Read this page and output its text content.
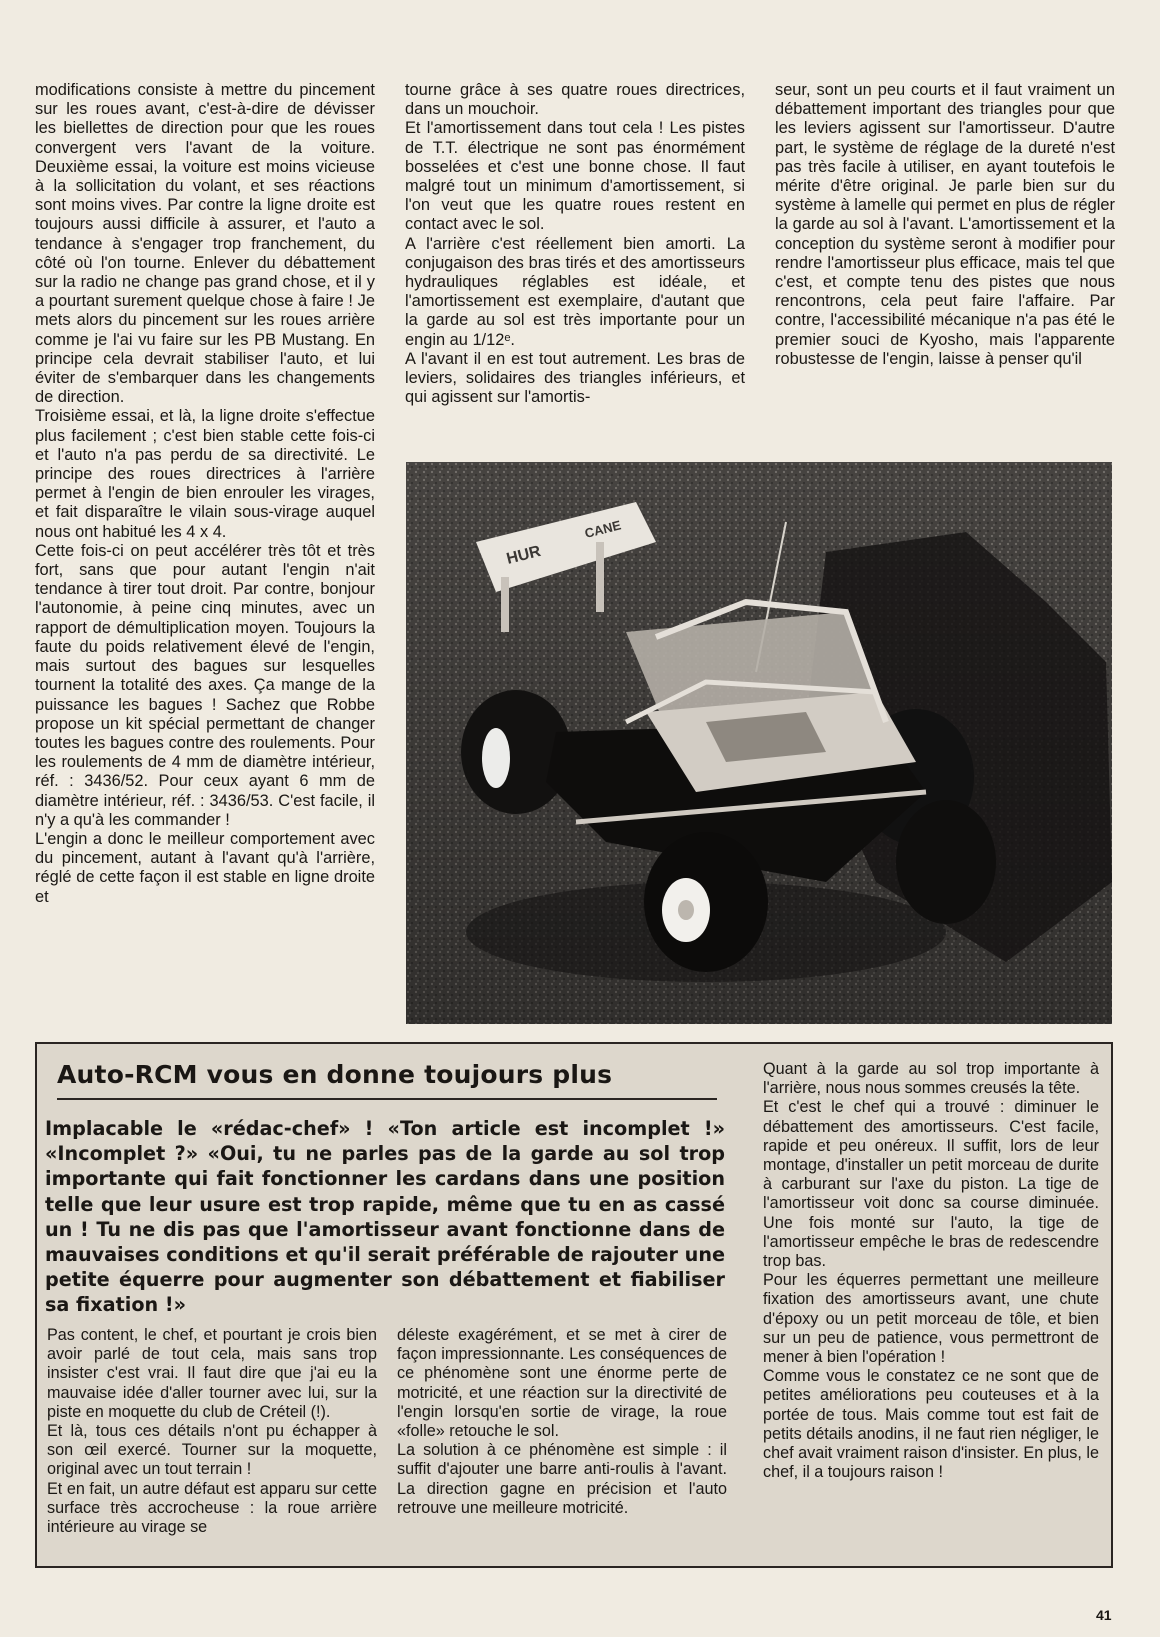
modifications consiste à mettre du pincement sur les roues avant, c'est-à-dire de dévisser les biellettes de direction pour que les roues convergent vers l'avant de la voiture. Deuxième essai, la voiture est moins vicieuse à la sollicitation du volant, et ses réactions sont moins vives. Par contre la ligne droite est toujours aussi difficile à assurer, et l'auto a tendance à s'engager trop franchement, du côté où l'on tourne. Enlever du débattement sur la radio ne change pas grand chose, et il y a pourtant surement quelque chose à faire ! Je mets alors du pincement sur les roues arrière comme je l'ai vu faire sur les PB Mustang. En principe cela devrait stabiliser l'auto, et lui éviter de s'embarquer dans les changements de direction.

Troisième essai, et là, la ligne droite s'effectue plus facilement ; c'est bien stable cette fois-ci et l'auto n'a pas perdu de sa directivité. Le principe des roues directrices à l'arrière permet à l'engin de bien enrouler les virages, et fait disparaître le vilain sous-virage auquel nous ont habitué les 4 x 4.

Cette fois-ci on peut accélérer très tôt et très fort, sans que pour autant l'engin n'ait tendance à tirer tout droit. Par contre, bonjour l'autonomie, à peine cinq minutes, avec un rapport de démultiplication moyen. Toujours la faute du poids relativement élevé de l'engin, mais surtout des bagues sur lesquelles tournent la totalité des axes. Ça mange de la puissance les bagues ! Sachez que Robbe propose un kit spécial permettant de changer toutes les bagues contre des roulements. Pour les roulements de 4 mm de diamètre intérieur, réf. : 3436/52. Pour ceux ayant 6 mm de diamètre intérieur, réf. : 3436/53. C'est facile, il n'y a qu'à les commander !

L'engin a donc le meilleur comportement avec du pincement, autant à l'avant qu'à l'arrière, réglé de cette façon il est stable en ligne droite et

tourne grâce à ses quatre roues directrices, dans un mouchoir.

Et l'amortissement dans tout cela ! Les pistes de T.T. électrique ne sont pas énormément bosselées et c'est une bonne chose. Il faut malgré tout un minimum d'amortissement, si l'on veut que les quatre roues restent en contact avec le sol.

A l'arrière c'est réellement bien amorti. La conjugaison des bras tirés et des amortisseurs hydrauliques réglables est idéale, et l'amortissement est exemplaire, d'autant que la garde au sol est très importante pour un engin au 1/12ᵉ.

A l'avant il en est tout autrement. Les bras de leviers, solidaires des triangles inférieurs, et qui agissent sur l'amortis-

seur, sont un peu courts et il faut vraiment un débattement important des triangles pour que les leviers agissent sur l'amortisseur. D'autre part, le système de réglage de la dureté n'est pas très facile à utiliser, en ayant toutefois le mérite d'être original. Je parle bien sur du système à lamelle qui permet en plus de régler la garde au sol à l'avant. L'amortissement et la conception du système seront à modifier pour rendre l'amortisseur plus efficace, mais tel que c'est, et compte tenu des pistes que nous rencontrons, cela peut faire l'affaire. Par contre, l'accessibilité mécanique n'a pas été le premier souci de Kyosho, mais l'apparente robustesse de l'engin, laisse à penser qu'il

HUR
CANE
Auto-RCM vous en donne toujours plus
Implacable le «rédac-chef» ! «Ton article est incomplet !» «Incomplet ?» «Oui, tu ne parles pas de la garde au sol trop importante qui fait fonctionner les cardans dans une position telle que leur usure est trop rapide, même que tu en as cassé un ! Tu ne dis pas que l'amortisseur avant fonctionne dans de mauvaises conditions et qu'il serait préférable de rajouter une petite équerre pour augmenter son débattement et fiabiliser sa fixation !»

Pas content, le chef, et pourtant je crois bien avoir parlé de tout cela, mais sans trop insister c'est vrai. Il faut dire que j'ai eu la mauvaise idée d'aller tourner avec lui, sur la piste en moquette du club de Créteil (!).

Et là, tous ces détails n'ont pu échapper à son œil exercé. Tourner sur la moquette, original avec un tout terrain !

Et en fait, un autre défaut est apparu sur cette surface très accrocheuse : la roue arrière intérieure au virage se

déleste exagérément, et se met à cirer de façon impressionnante. Les conséquences de ce phénomène sont une énorme perte de motricité, et une réaction sur la directivité de l'engin lorsqu'en sortie de virage, la roue «folle» retouche le sol.

La solution à ce phénomène est simple : il suffit d'ajouter une barre anti-roulis à l'avant. La direction gagne en précision et l'auto retrouve une meilleure motricité.

Quant à la garde au sol trop importante à l'arrière, nous nous sommes creusés la tête.

Et c'est le chef qui a trouvé : diminuer le débattement des amortisseurs. C'est facile, rapide et peu onéreux. Il suffit, lors de leur montage, d'installer un petit morceau de durite à carburant sur l'axe du piston. La tige de l'amortisseur voit donc sa course diminuée. Une fois monté sur l'auto, la tige de l'amortisseur empêche le bras de redescendre trop bas.

Pour les équerres permettant une meilleure fixation des amortisseurs avant, une chute d'époxy ou un petit morceau de tôle, et bien sur un peu de patience, vous permettront de mener à bien l'opération !

Comme vous le constatez ce ne sont que de petites améliorations peu couteuses et à la portée de tous. Mais comme tout est fait de petits détails anodins, il ne faut rien négliger, le chef avait vraiment raison d'insister. En plus, le chef, il a toujours raison !

41
